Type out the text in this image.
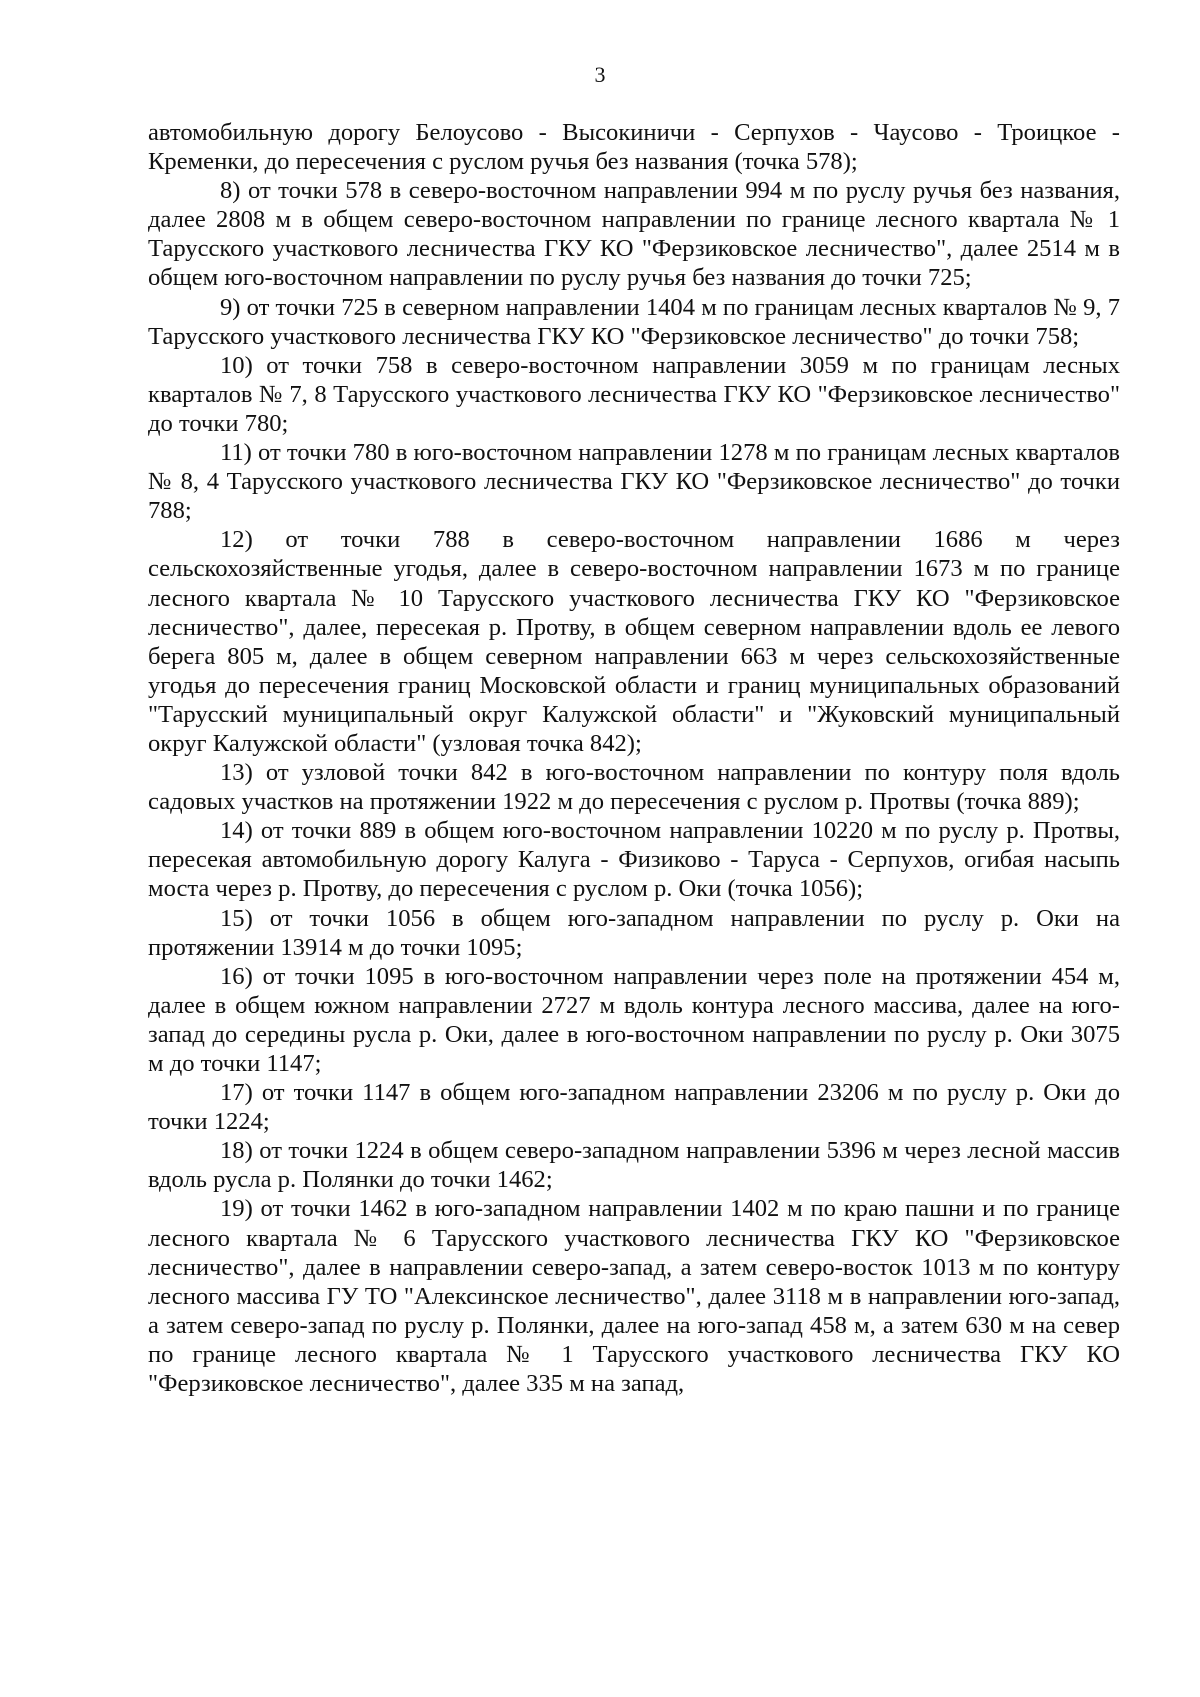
3

автомобильную дорогу Белоусово - Высокиничи - Серпухов - Чаусово - Троицкое - Кременки, до пересечения с руслом ручья без названия (точка 578);

8) от точки 578 в северо-восточном направлении 994 м по руслу ручья без названия, далее 2808 м в общем северо-восточном направлении по границе лесного квартала № 1 Тарусского участкового лесничества ГКУ КО "Ферзиковское лесничество", далее 2514 м в общем юго-восточном направлении по руслу ручья без названия до точки 725;

9) от точки 725 в северном направлении 1404 м по границам лесных кварталов № 9, 7 Тарусского участкового лесничества ГКУ КО "Ферзиковское лесничество" до точки 758;

10) от точки 758 в северо-восточном направлении 3059 м по границам лесных кварталов № 7, 8 Тарусского участкового лесничества ГКУ КО "Ферзиковское лесничество" до точки 780;

11) от точки 780 в юго-восточном направлении 1278 м по границам лесных кварталов № 8, 4 Тарусского участкового лесничества ГКУ КО "Ферзиковское лесничество" до точки 788;

12) от точки 788 в северо-восточном направлении 1686 м через сельскохозяйственные угодья, далее в северо-восточном направлении 1673 м по границе лесного квартала № 10 Тарусского участкового лесничества ГКУ КО "Ферзиковское лесничество", далее, пересекая р. Протву, в общем северном направлении вдоль ее левого берега 805 м, далее в общем северном направлении 663 м через сельскохозяйственные угодья до пересечения границ Московской области и границ муниципальных образований "Тарусский муниципальный округ Калужской области" и "Жуковский муниципальный округ Калужской области" (узловая точка 842);

13) от узловой точки 842 в юго-восточном направлении по контуру поля вдоль садовых участков на протяжении 1922 м до пересечения с руслом р. Протвы (точка 889);

14) от точки 889 в общем юго-восточном направлении 10220 м по руслу р. Протвы, пересекая автомобильную дорогу Калуга - Физиково - Таруса - Серпухов, огибая насыпь моста через р. Протву, до пересечения с руслом р. Оки (точка 1056);

15) от точки 1056 в общем юго-западном направлении по руслу р. Оки на протяжении 13914 м до точки 1095;

16) от точки 1095 в юго-восточном направлении через поле на протяжении 454 м, далее в общем южном направлении 2727 м вдоль контура лесного массива, далее на юго-запад до середины русла р. Оки, далее в юго-восточном направлении по руслу р. Оки 3075 м до точки 1147;

17) от точки 1147 в общем юго-западном направлении 23206 м по руслу р. Оки до точки 1224;

18) от точки 1224 в общем северо-западном направлении 5396 м через лесной массив вдоль русла р. Полянки до точки 1462;

19) от точки 1462 в юго-западном направлении 1402 м по краю пашни и по границе лесного квартала № 6 Тарусского участкового лесничества ГКУ КО "Ферзиковское лесничество", далее в направлении северо-запад, а затем северо-восток 1013 м по контуру лесного массива ГУ ТО "Алексинское лесничество", далее 3118 м в направлении юго-запад, а затем северо-запад по руслу р. Полянки, далее на юго-запад 458 м, а затем 630 м на север по границе лесного квартала № 1 Тарусского участкового лесничества ГКУ КО "Ферзиковское лесничество", далее 335 м на запад,
